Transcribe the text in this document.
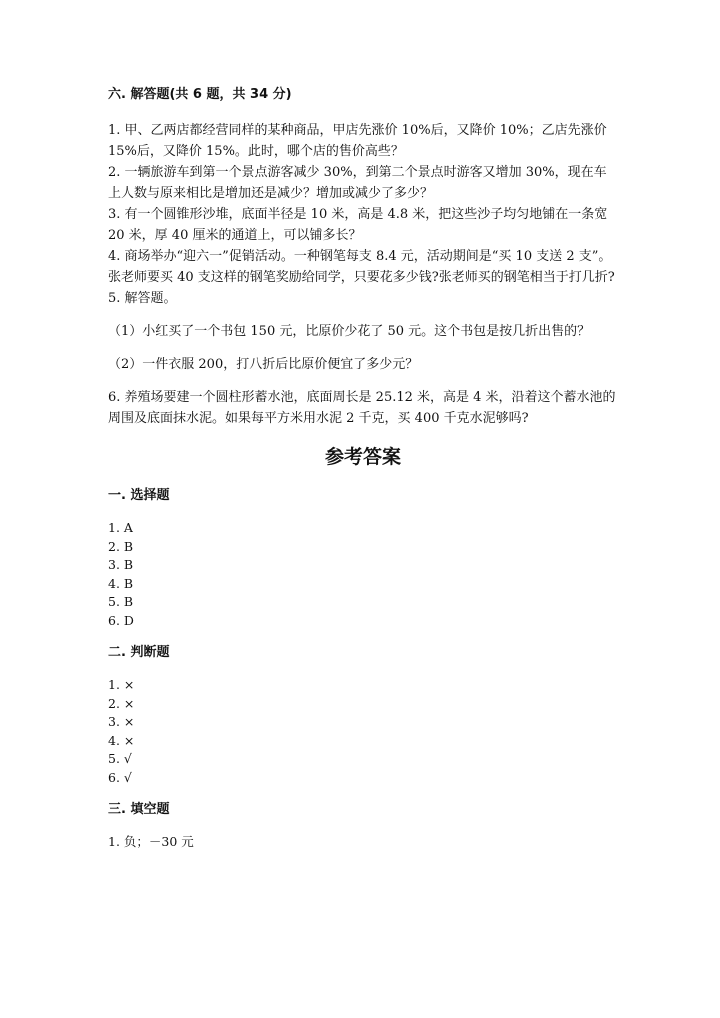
六. 解答题(共 6 题，共 34 分)

1. 甲、乙两店都经营同样的某种商品，甲店先涨价 10%后，又降价 10%；乙店先涨价 15%后，又降价 15%。此时，哪个店的售价高些？

2. 一辆旅游车到第一个景点游客减少 30%，到第二个景点时游客又增加 30%，现在车上人数与原来相比是增加还是减少？增加或减少了多少？

3. 有一个圆锥形沙堆，底面半径是 10 米，高是 4.8 米，把这些沙子均匀地铺在一条宽 20 米，厚 40 厘米的通道上，可以铺多长？

4. 商场举办“迎六一”促销活动。一种钢笔每支 8.4 元，活动期间是“买 10 支送 2 支”。张老师要买 40 支这样的钢笔奖励给同学，只要花多少钱?张老师买的钢笔相当于打几折?

5. 解答题。

（1）小红买了一个书包 150 元，比原价少花了 50 元。这个书包是按几折出售的？

（2）一件衣服 200，打八折后比原价便宜了多少元？

6. 养殖场要建一个圆柱形蓄水池，底面周长是 25.12 米，高是 4 米，沿着这个蓄水池的周围及底面抹水泥。如果每平方米用水泥 2 千克，买 400 千克水泥够吗?

参考答案

一. 选择题

1. A
2. B
3. B
4. B
5. B
6. D

二. 判断题

1. ×
2. ×
3. ×
4. ×
5. √
6. √

三. 填空题

1. 负；－30 元
